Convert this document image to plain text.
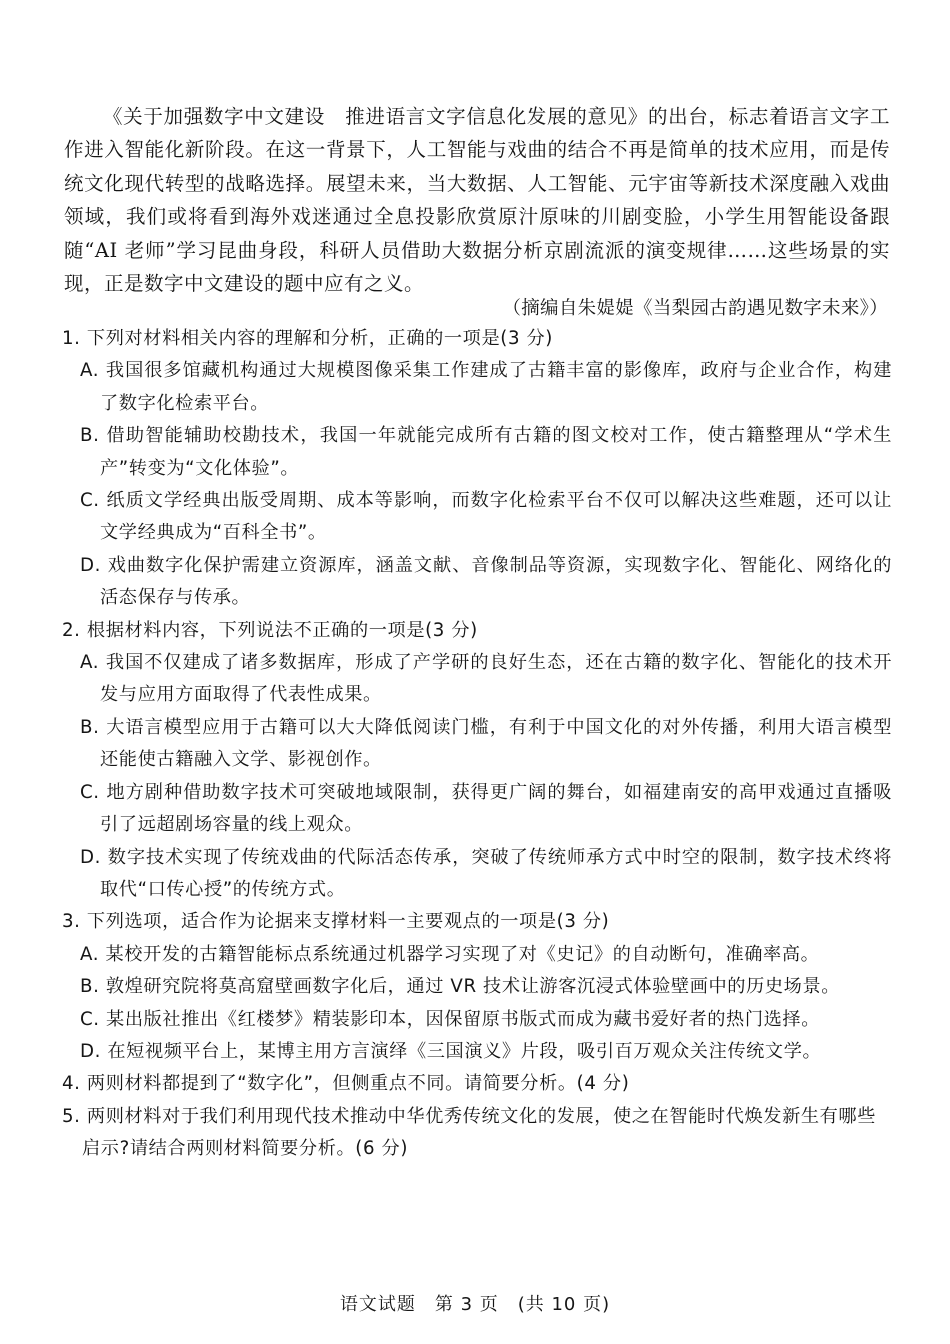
《关于加强数字中文建设　推进语言文字信息化发展的意见》的出台，标志着语言文字工作进入智能化新阶段。在这一背景下，人工智能与戏曲的结合不再是简单的技术应用，而是传统文化现代转型的战略选择。展望未来，当大数据、人工智能、元宇宙等新技术深度融入戏曲领域，我们或将看到海外戏迷通过全息投影欣赏原汁原味的川剧变脸，小学生用智能设备跟随“AI 老师”学习昆曲身段，科研人员借助大数据分析京剧流派的演变规律……这些场景的实现，正是数字中文建设的题中应有之义。

（摘编自朱媞媞《当梨园古韵遇见数字未来》）

1. 下列对材料相关内容的理解和分析，正确的一项是(3 分)

A. 我国很多馆藏机构通过大规模图像采集工作建成了古籍丰富的影像库，政府与企业合作，构建了数字化检索平台。

B. 借助智能辅助校勘技术，我国一年就能完成所有古籍的图文校对工作，使古籍整理从“学术生产”转变为“文化体验”。

C. 纸质文学经典出版受周期、成本等影响，而数字化检索平台不仅可以解决这些难题，还可以让文学经典成为“百科全书”。

D. 戏曲数字化保护需建立资源库，涵盖文献、音像制品等资源，实现数字化、智能化、网络化的活态保存与传承。

2. 根据材料内容，下列说法不正确的一项是(3 分)

A. 我国不仅建成了诸多数据库，形成了产学研的良好生态，还在古籍的数字化、智能化的技术开发与应用方面取得了代表性成果。

B. 大语言模型应用于古籍可以大大降低阅读门槛，有利于中国文化的对外传播，利用大语言模型还能使古籍融入文学、影视创作。

C. 地方剧种借助数字技术可突破地域限制，获得更广阔的舞台，如福建南安的高甲戏通过直播吸引了远超剧场容量的线上观众。

D. 数字技术实现了传统戏曲的代际活态传承，突破了传统师承方式中时空的限制，数字技术终将取代“口传心授”的传统方式。

3. 下列选项，适合作为论据来支撑材料一主要观点的一项是(3 分)

A. 某校开发的古籍智能标点系统通过机器学习实现了对《史记》的自动断句，准确率高。

B. 敦煌研究院将莫高窟壁画数字化后，通过 VR 技术让游客沉浸式体验壁画中的历史场景。

C. 某出版社推出《红楼梦》精装影印本，因保留原书版式而成为藏书爱好者的热门选择。

D. 在短视频平台上，某博主用方言演绎《三国演义》片段，吸引百万观众关注传统文学。

4. 两则材料都提到了“数字化”，但侧重点不同。请简要分析。(4 分)

5. 两则材料对于我们利用现代技术推动中华优秀传统文化的发展，使之在智能时代焕发新生有哪些启示?请结合两则材料简要分析。(6 分)

语文试题　第 3 页　(共 10 页)
